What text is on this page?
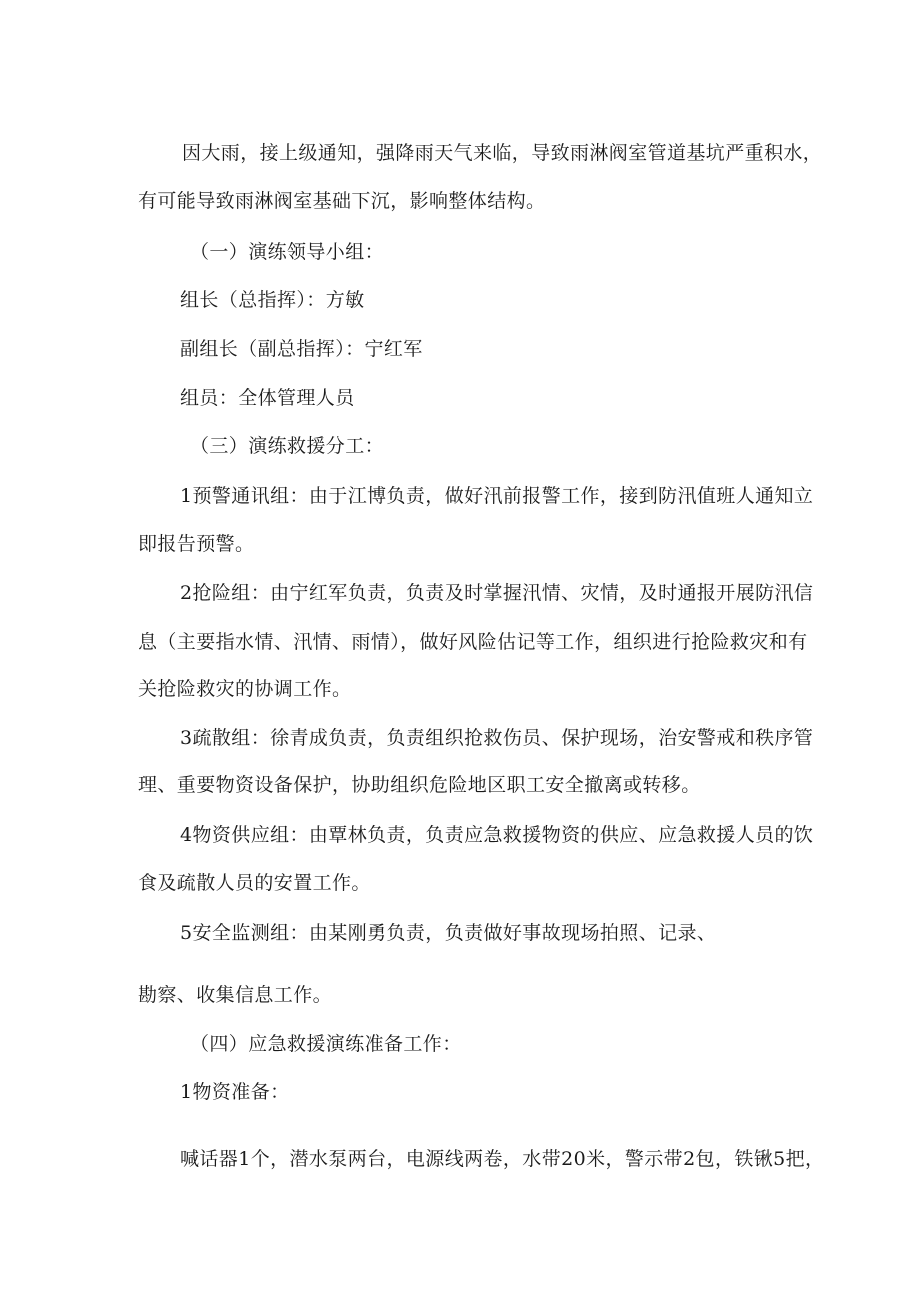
因大雨，接上级通知，强降雨天气来临，导致雨淋阀室管道基坑严重积水，
有可能导致雨淋阀室基础下沉，影响整体结构。
（一）演练领导小组：
组长（总指挥）：方敏
副组长（副总指挥）：宁红军
组员：全体管理人员
（三）演练救援分工：
1预警通讯组：由于江博负责，做好汛前报警工作，接到防汛值班人通知立
即报告预警。
2抢险组：由宁红军负责，负责及时掌握汛情、灾情，及时通报开展防汛信
息（主要指水情、汛情、雨情），做好风险估记等工作，组织进行抢险救灾和有
关抢险救灾的协调工作。
3疏散组：徐青成负责，负责组织抢救伤员、保护现场，治安警戒和秩序管
理、重要物资设备保护，协助组织危险地区职工安全撤离或转移。
4物资供应组：由覃林负责，负责应急救援物资的供应、应急救援人员的饮
食及疏散人员的安置工作。
5安全监测组：由某刚勇负责，负责做好事故现场拍照、记录、
勘察、收集信息工作。
（四）应急救援演练准备工作：
1物资准备：
喊话器1个，潜水泵两台，电源线两卷，水带20米，警示带2包，铁锹5把，
